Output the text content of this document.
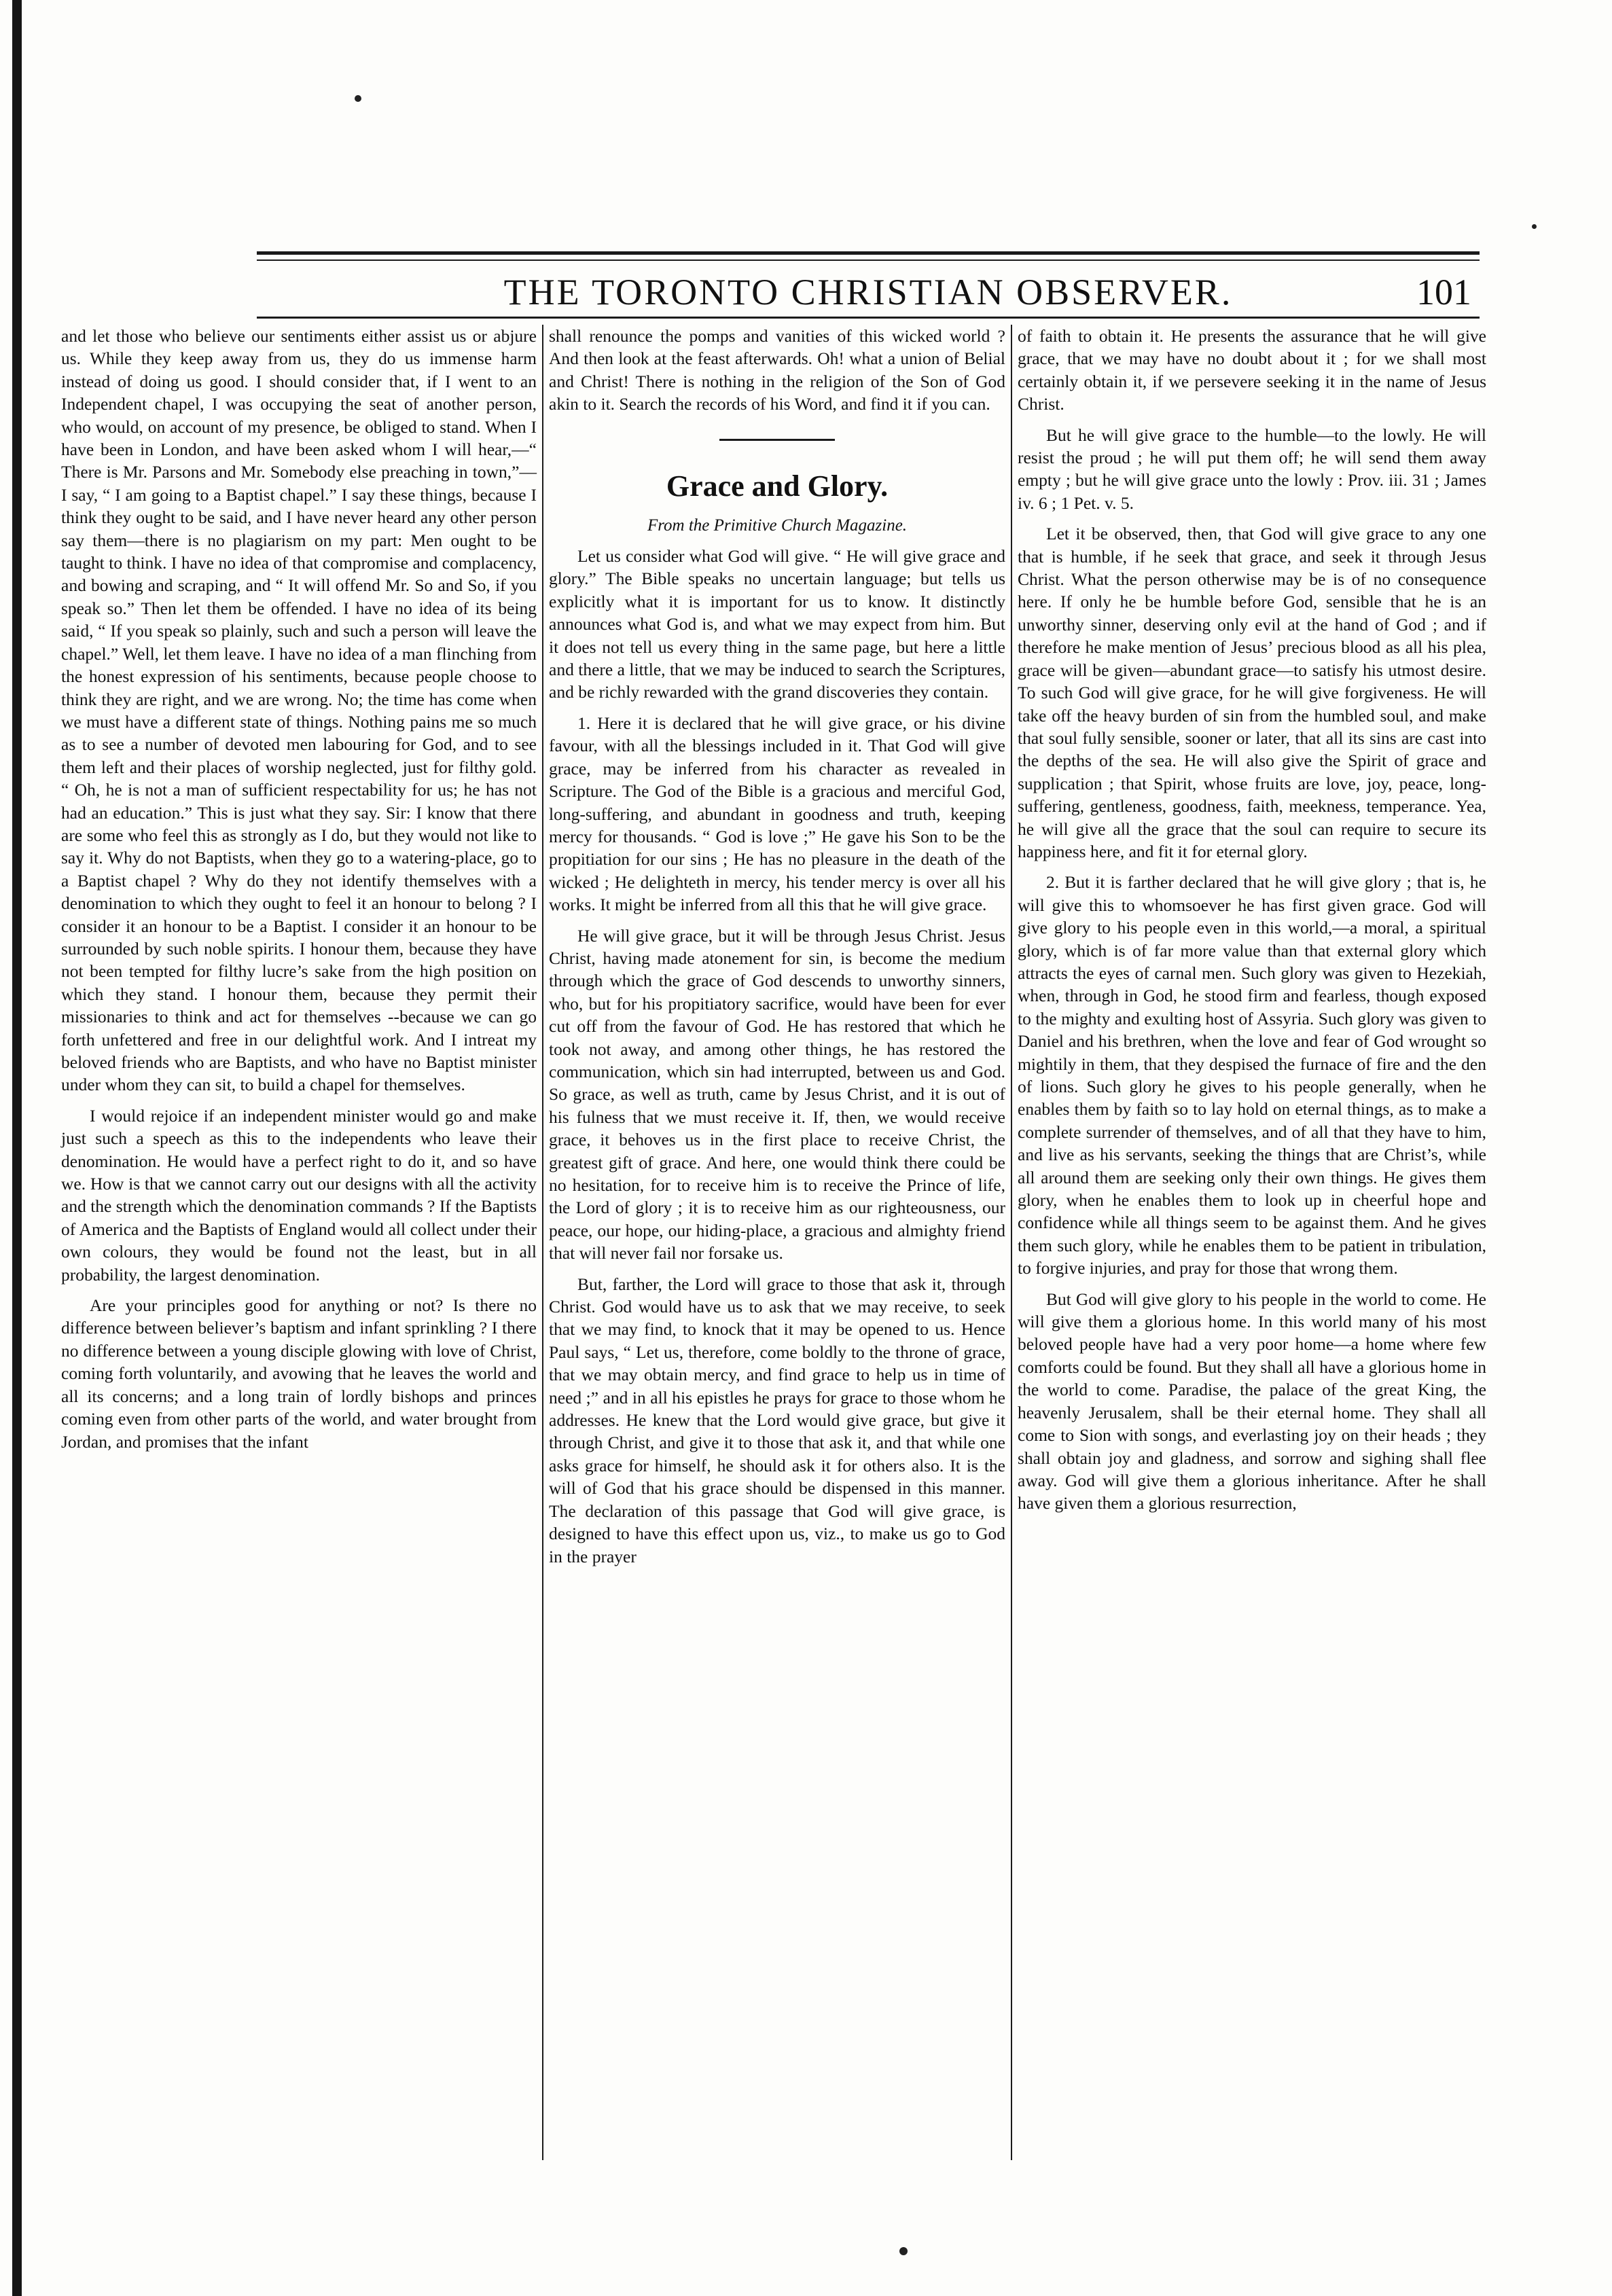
THE TORONTO CHRISTIAN OBSERVER.	101

and let those who believe our sentiments either assist us or abjure us. While they keep away from us, they do us immense harm instead of doing us good. I should consider that, if I went to an Independent chapel, I was occupying the seat of another person, who would, on account of my presence, be obliged to stand. When I have been in London, and have been asked whom I will hear,—“ There is Mr. Parsons and Mr. Somebody else preaching in town,”—I say, “ I am going to a Baptist chapel.” I say these things, because I think they ought to be said, and I have never heard any other person say them—there is no plagiarism on my part: Men ought to be taught to think. I have no idea of that compromise and complacency, and bowing and scraping, and “ It will offend Mr. So and So, if you speak so.” Then let them be offended. I have no idea of its being said, “ If you speak so plainly, such and such a person will leave the chapel.” Well, let them leave. I have no idea of a man flinching from the honest expression of his sentiments, because people choose to think they are right, and we are wrong. No; the time has come when we must have a different state of things. Nothing pains me so much as to see a number of devoted men labouring for God, and to see them left and their places of worship neglected, just for filthy gold. “ Oh, he is not a man of sufficient respectability for us; he has not had an education.” This is just what they say. Sir: I know that there are some who feel this as strongly as I do, but they would not like to say it. Why do not Baptists, when they go to a watering-place, go to a Baptist chapel ? Why do they not identify themselves with a denomination to which they ought to feel it an honour to belong ? I consider it an honour to be a Baptist. I consider it an honour to be surrounded by such noble spirits. I honour them, because they have not been tempted for filthy lucre’s sake from the high position on which they stand. I honour them, because they permit their missionaries to think and act for themselves --because we can go forth unfettered and free in our delightful work. And I intreat my beloved friends who are Baptists, and who have no Baptist minister under whom they can sit, to build a chapel for themselves.

I would rejoice if an independent minister would go and make just such a speech as this to the independents who leave their denomination. He would have a perfect right to do it, and so have we. How is that we cannot carry out our designs with all the activity and the strength which the denomination commands ? If the Baptists of America and the Baptists of England would all collect under their own colours, they would be found not the least, but in all probability, the largest denomination.

Are your principles good for anything or not? Is there no difference between believer’s baptism and infant sprinkling ? I there no difference between a young disciple glowing with love of Christ, coming forth voluntarily, and avowing that he leaves the world and all its concerns; and a long train of lordly bishops and princes coming even from other parts of the world, and water brought from Jordan, and promises that the infant

shall renounce the pomps and vanities of this wicked world ? And then look at the feast afterwards. Oh! what a union of Belial and Christ! There is nothing in the religion of the Son of God akin to it. Search the records of his Word, and find it if you can.

Grace and Glory.

From the Primitive Church Magazine.

Let us consider what God will give. “ He will give grace and glory.” The Bible speaks no uncertain language; but tells us explicitly what it is important for us to know. It distinctly announces what God is, and what we may expect from him. But it does not tell us every thing in the same page, but here a little and there a little, that we may be induced to search the Scriptures, and be richly rewarded with the grand discoveries they contain.

1. Here it is declared that he will give grace, or his divine favour, with all the blessings included in it. That God will give grace, may be inferred from his character as revealed in Scripture. The God of the Bible is a gracious and merciful God, long-suffering, and abundant in goodness and truth, keeping mercy for thousands. “ God is love ;” He gave his Son to be the propitiation for our sins ; He has no pleasure in the death of the wicked ; He delighteth in mercy, his tender mercy is over all his works. It might be inferred from all this that he will give grace.

He will give grace, but it will be through Jesus Christ. Jesus Christ, having made atonement for sin, is become the medium through which the grace of God descends to unworthy sinners, who, but for his propitiatory sacrifice, would have been for ever cut off from the favour of God. He has restored that which he took not away, and among other things, he has restored the communication, which sin had interrupted, between us and God. So grace, as well as truth, came by Jesus Christ, and it is out of his fulness that we must receive it. If, then, we would receive grace, it behoves us in the first place to receive Christ, the greatest gift of grace. And here, one would think there could be no hesitation, for to receive him is to receive the Prince of life, the Lord of glory ; it is to receive him as our righteousness, our peace, our hope, our hiding-place, a gracious and almighty friend that will never fail nor forsake us.

But, farther, the Lord will grace to those that ask it, through Christ. God would have us to ask that we may receive, to seek that we may find, to knock that it may be opened to us. Hence Paul says, “ Let us, therefore, come boldly to the throne of grace, that we may obtain mercy, and find grace to help us in time of need ;” and in all his epistles he prays for grace to those whom he addresses. He knew that the Lord would give grace, but give it through Christ, and give it to those that ask it, and that while one asks grace for himself, he should ask it for others also. It is the will of God that his grace should be dispensed in this manner. The declaration of this passage that God will give grace, is designed to have this effect upon us, viz., to make us go to God in the prayer

of faith to obtain it. He presents the assurance that he will give grace, that we may have no doubt about it ; for we shall most certainly obtain it, if we persevere seeking it in the name of Jesus Christ.

But he will give grace to the humble—to the lowly. He will resist the proud ; he will put them off; he will send them away empty ; but he will give grace unto the lowly : Prov. iii. 31 ; James iv. 6 ; 1 Pet. v. 5.

Let it be observed, then, that God will give grace to any one that is humble, if he seek that grace, and seek it through Jesus Christ. What the person otherwise may be is of no consequence here. If only he be humble before God, sensible that he is an unworthy sinner, deserving only evil at the hand of God ; and if therefore he make mention of Jesus’ precious blood as all his plea, grace will be given—abundant grace—to satisfy his utmost desire. To such God will give grace, for he will give forgiveness. He will take off the heavy burden of sin from the humbled soul, and make that soul fully sensible, sooner or later, that all its sins are cast into the depths of the sea. He will also give the Spirit of grace and supplication ; that Spirit, whose fruits are love, joy, peace, long-suffering, gentleness, goodness, faith, meekness, temperance. Yea, he will give all the grace that the soul can require to secure its happiness here, and fit it for eternal glory.

2. But it is farther declared that he will give glory ; that is, he will give this to whomsoever he has first given grace. God will give glory to his people even in this world,—a moral, a spiritual glory, which is of far more value than that external glory which attracts the eyes of carnal men. Such glory was given to Hezekiah, when, through in God, he stood firm and fearless, though exposed to the mighty and exulting host of Assyria. Such glory was given to Daniel and his brethren, when the love and fear of God wrought so mightily in them, that they despised the furnace of fire and the den of lions. Such glory he gives to his people generally, when he enables them by faith so to lay hold on eternal things, as to make a complete surrender of themselves, and of all that they have to him, and live as his servants, seeking the things that are Christ’s, while all around them are seeking only their own things. He gives them glory, when he enables them to look up in cheerful hope and confidence while all things seem to be against them. And he gives them such glory, while he enables them to be patient in tribulation, to forgive injuries, and pray for those that wrong them.

But God will give glory to his people in the world to come. He will give them a glorious home. In this world many of his most beloved people have had a very poor home—a home where few comforts could be found. But they shall all have a glorious home in the world to come. Paradise, the palace of the great King, the heavenly Jerusalem, shall be their eternal home. They shall all come to Sion with songs, and everlasting joy on their heads ; they shall obtain joy and gladness, and sorrow and sighing shall flee away. God will give them a glorious inheritance. After he shall have given them a glorious resurrection,
